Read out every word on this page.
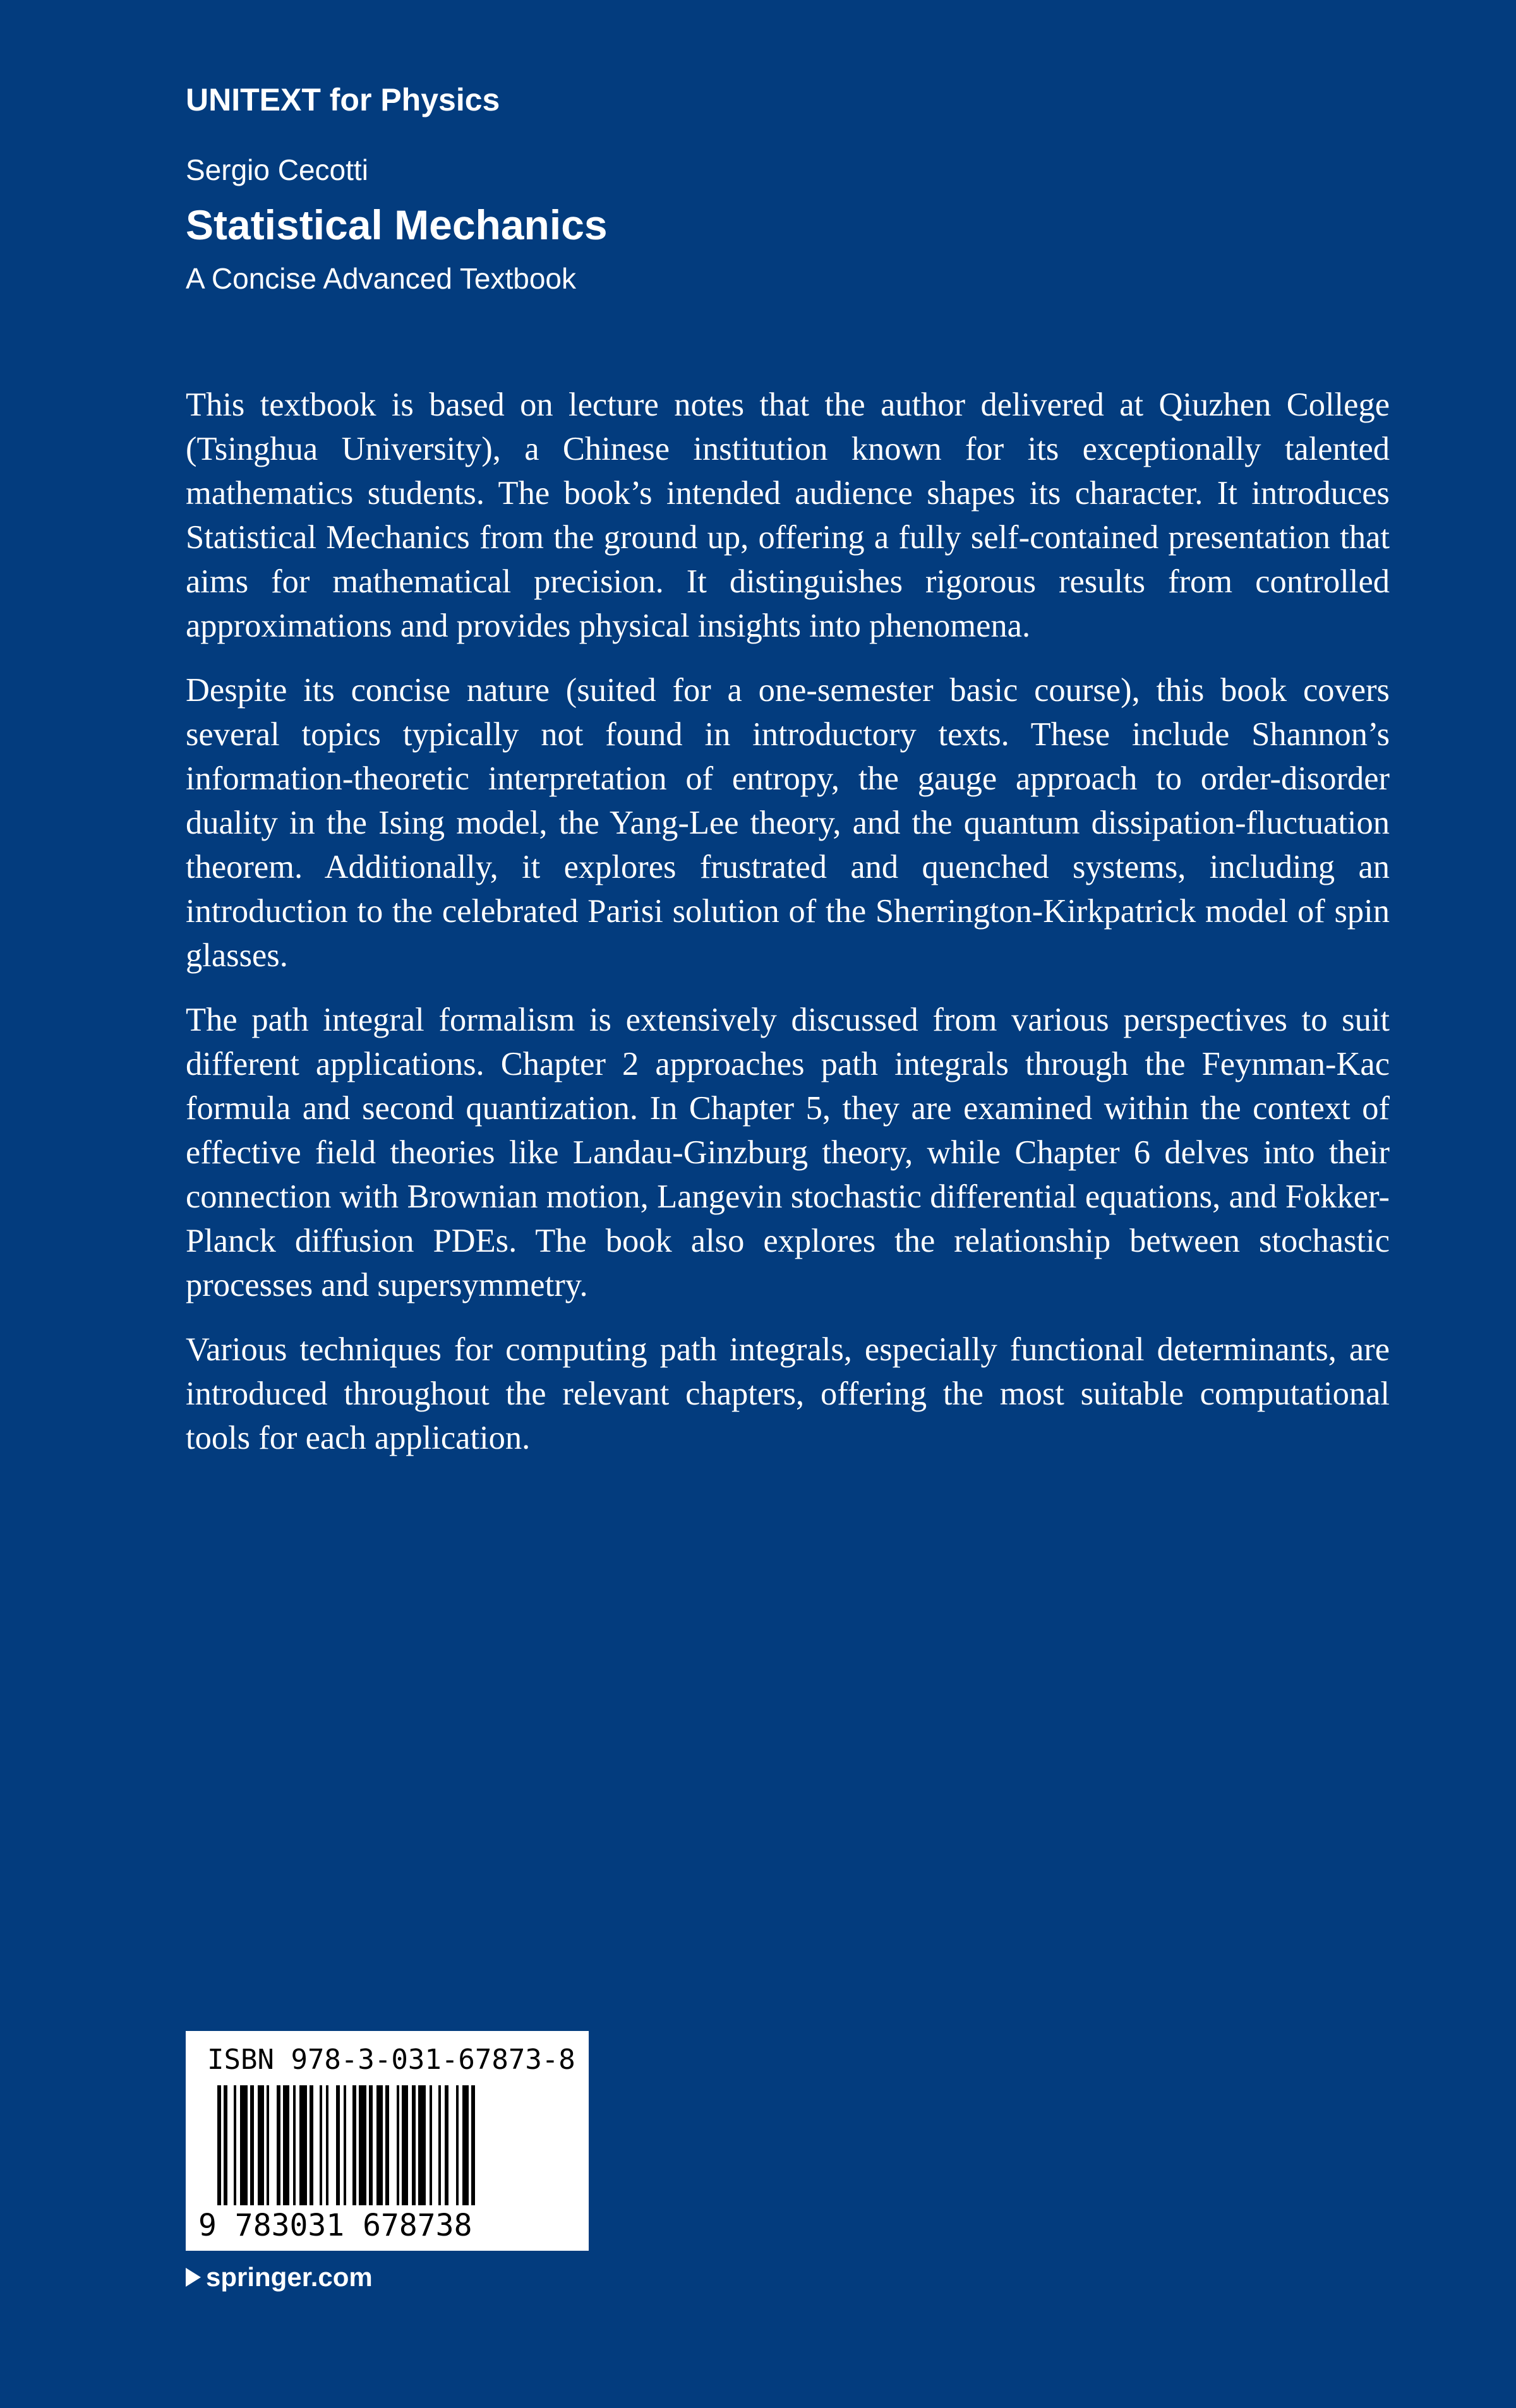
UNITEXT for Physics
Sergio Cecotti
Statistical Mechanics
A Concise Advanced Textbook

This textbook is based on lecture notes that the author delivered at Qiuzhen College (Tsinghua University), a Chinese institution known for its exceptionally talented mathematics students. The book’s intended audience shapes its character. It introduces Statistical Mechanics from the ground up, offering a fully self-contained presentation that aims for mathematical precision. It distinguishes rigorous results from controlled approximations and provides physical insights into phenomena.

Despite its concise nature (suited for a one-semester basic course), this book covers several topics typically not found in introductory texts. These include Shannon’s information-theoretic interpretation of entropy, the gauge approach to order-disorder duality in the Ising model, the Yang-Lee theory, and the quantum dissipation-fluctuation theorem. Additionally, it explores frustrated and quenched systems, including an introduction to the celebrated Parisi solution of the Sherrington-Kirkpatrick model of spin glasses.

The path integral formalism is extensively discussed from various perspectives to suit different applications. Chapter 2 approaches path integrals through the Feynman-Kac formula and second quantization. In Chapter 5, they are examined within the context of effective field theories like Landau-Ginzburg theory, while Chapter 6 delves into their connection with Brownian motion, Langevin stochastic differential equations, and Fokker-Planck diffusion PDEs. The book also explores the relationship between stochastic processes and supersymmetry.

Various techniques for computing path integrals, especially functional determinants, are introduced throughout the relevant chapters, offering the most suitable computational tools for each application.

ISBN 978-3-031-67873-8
9 783031 678738
springer.com
